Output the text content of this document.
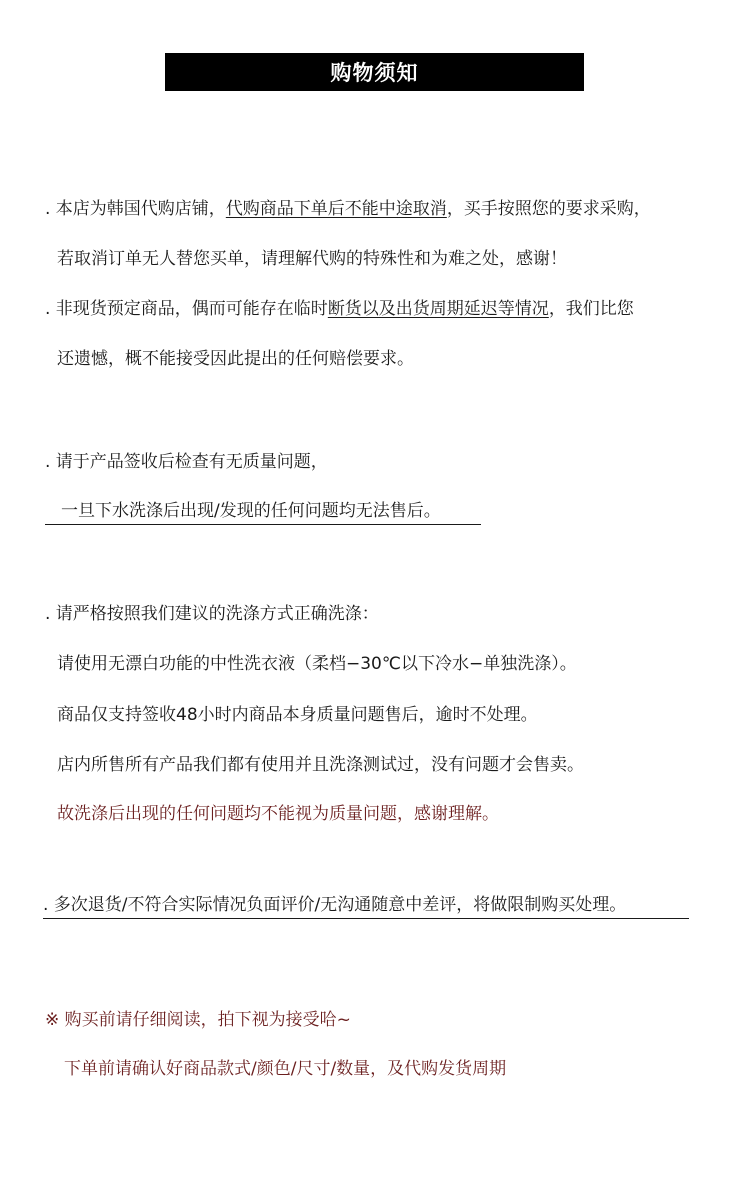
购物须知
. 本店为韩国代购店铺，代购商品下单后不能中途取消，买手按照您的要求采购，
若取消订单无人替您买单，请理解代购的特殊性和为难之处，感谢！
. 非现货预定商品，偶而可能存在临时断货以及出货周期延迟等情况，我们比您
还遗憾，概不能接受因此提出的任何赔偿要求。
. 请于产品签收后检查有无质量问题，
一旦下水洗涤后出现/发现的任何问题均无法售后。
. 请严格按照我们建议的洗涤方式正确洗涤：
请使用无漂白功能的中性洗衣液（柔档−30℃以下冷水−单独洗涤）。
商品仅支持签收48小时内商品本身质量问题售后，逾时不处理。
店内所售所有产品我们都有使用并且洗涤测试过，没有问题才会售卖。
故洗涤后出现的任何问题均不能视为质量问题，感谢理解。
. 多次退货/不符合实际情况负面评价/无沟通随意中差评，将做限制购买处理。
※ 购买前请仔细阅读，拍下视为接受哈~
下单前请确认好商品款式/颜色/尺寸/数量，及代购发货周期
